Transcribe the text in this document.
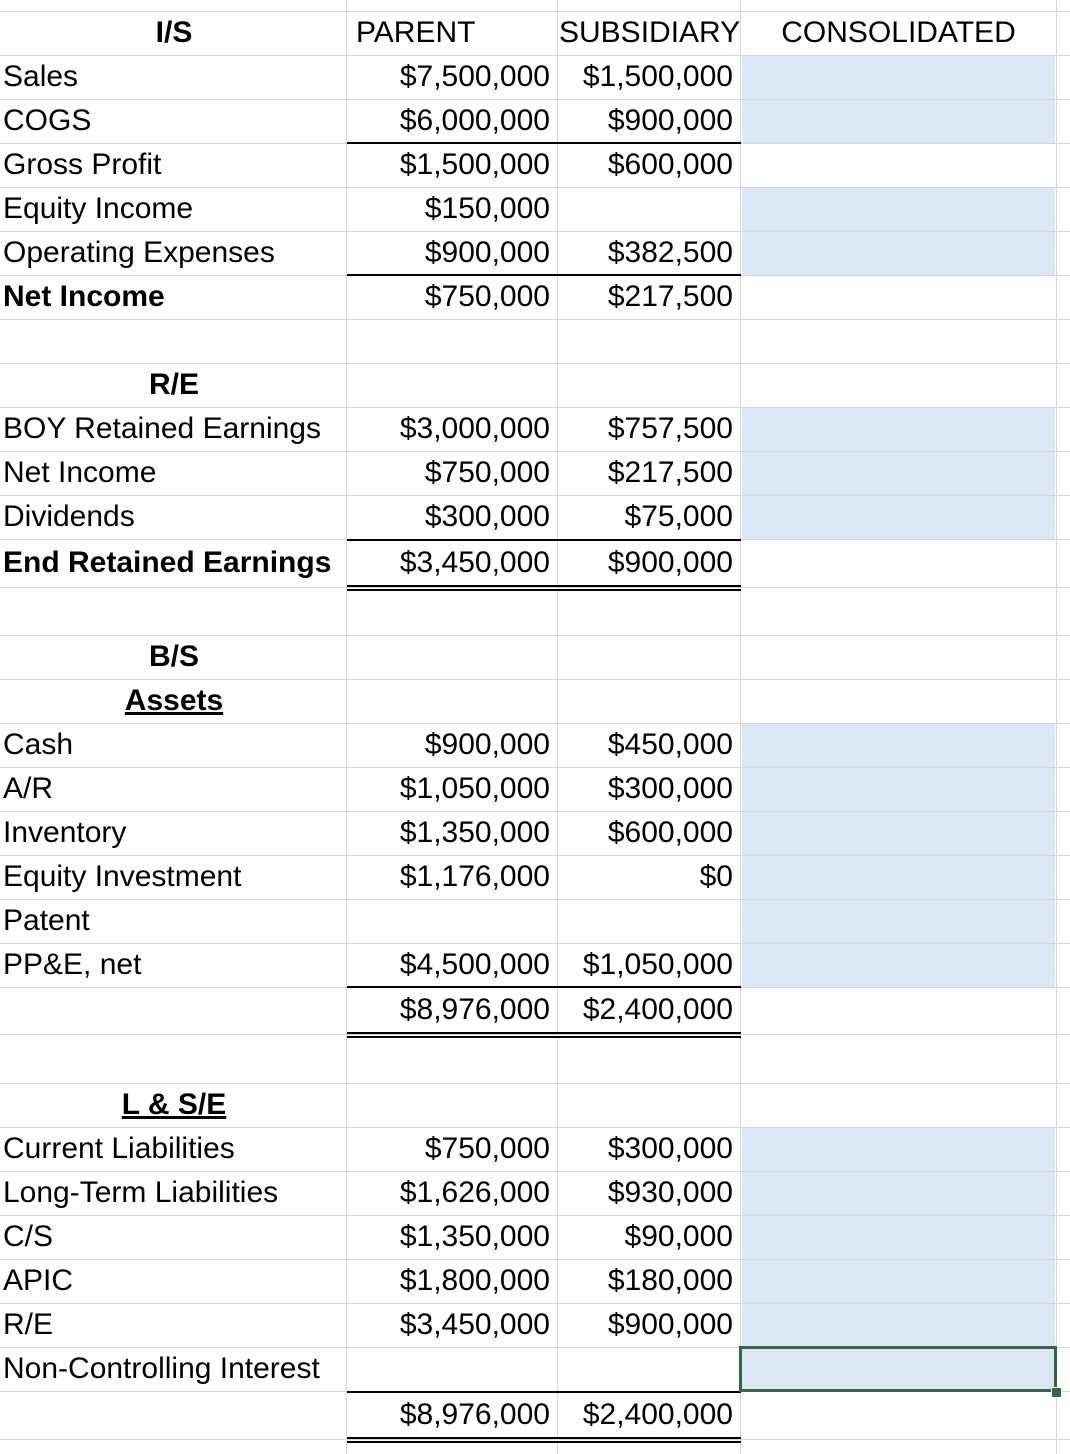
I/S	PARENT	SUBSIDIARY	CONSOLIDATED
Sales	$7,500,000	$1,500,000
COGS	$6,000,000	$900,000
Gross Profit	$1,500,000	$600,000
Equity Income	$150,000
Operating Expenses	$900,000	$382,500
Net Income	$750,000	$217,500
R/E
BOY Retained Earnings	$3,000,000	$757,500
Net Income	$750,000	$217,500
Dividends	$300,000	$75,000
End Retained Earnings	$3,450,000	$900,000
B/S
Assets
Cash	$900,000	$450,000
A/R	$1,050,000	$300,000
Inventory	$1,350,000	$600,000
Equity Investment	$1,176,000	$0
Patent
PP&E, net	$4,500,000	$1,050,000
$8,976,000	$2,400,000
L & S/E
Current Liabilities	$750,000	$300,000
Long-Term Liabilities	$1,626,000	$930,000
C/S	$1,350,000	$90,000
APIC	$1,800,000	$180,000
R/E	$3,450,000	$900,000
Non-Controlling Interest
$8,976,000	$2,400,000
